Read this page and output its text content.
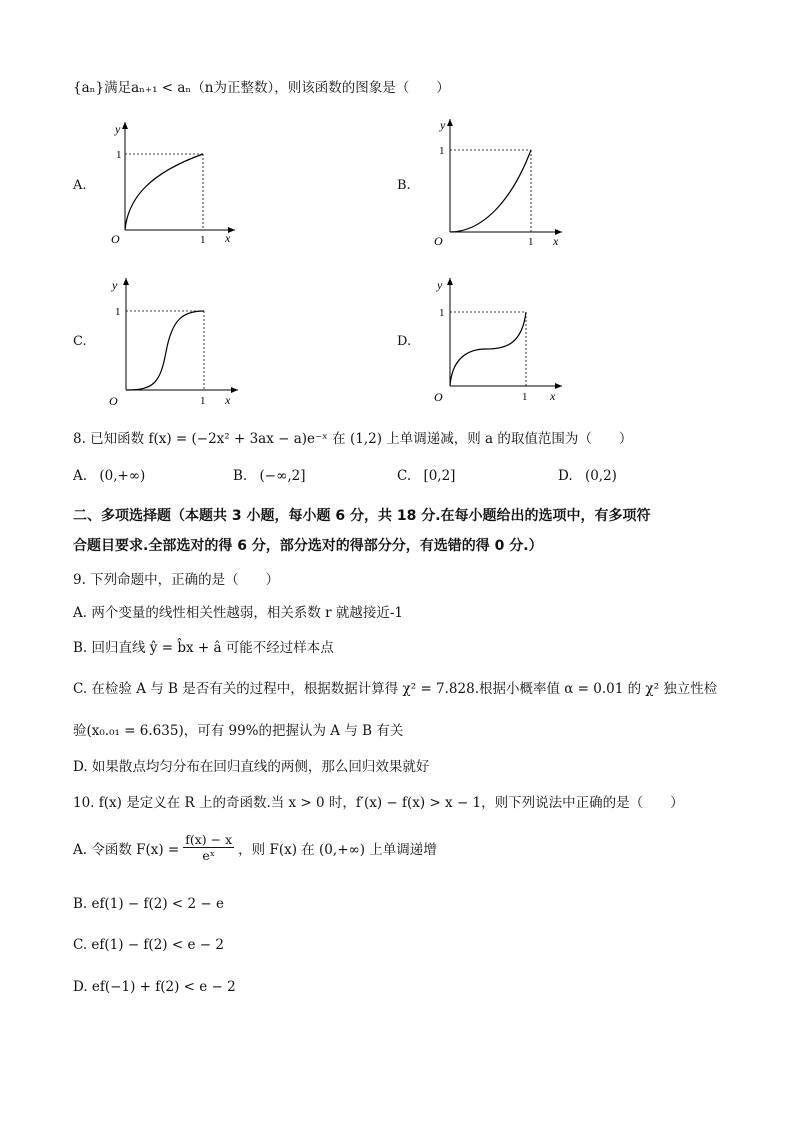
{aₙ}满足aₙ₊₁ < aₙ（n为正整数），则该函数的图象是（　　）
A.
y
x
O
1
1
B.
y
x
O
1
1
C.
y
x
O
1
1
D.
y
x
O
1
1
8. 已知函数 f(x) = (−2x² + 3ax − a)e⁻ˣ 在 (1,2) 上单调递减，则 a 的取值范围为（　　）
A. (0,+∞)	B. (−∞,2]	C. [0,2]	D. (0,2)
二、多项选择题（本题共 3 小题，每小题 6 分，共 18 分.在每小题给出的选项中，有多项符
合题目要求.全部选对的得 6 分，部分选对的得部分分，有选错的得 0 分.）
9. 下列命题中，正确的是（　　）
A. 两个变量的线性相关性越弱，相关系数 r 就越接近-1
B. 回归直线 ŷ = b̂x + â 可能不经过样本点
C. 在检验 A 与 B 是否有关的过程中，根据数据计算得 χ² = 7.828.根据小概率值 α = 0.01 的 χ² 独立性检
验(x₀.₀₁ = 6.635)，可有 99%的把握认为 A 与 B 有关
D. 如果散点均匀分布在回归直线的两侧，那么回归效果就好
10. f(x) 是定义在 R 上的奇函数.当 x > 0 时，f′(x) − f(x) > x − 1，则下列说法中正确的是（　　）
A. 令函数 $F(x) = \frac{f(x) - x}{\text{eˣ}}$ ，则 F(x) 在 (0,+∞) 上单调递增
B. ef(1) − f(2) < 2 − e
C. ef(1) − f(2) < e − 2
D. ef(−1) + f(2) < e − 2
